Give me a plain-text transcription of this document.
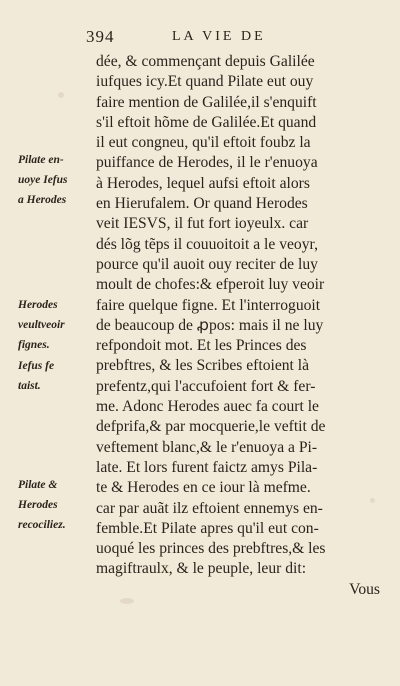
394	LA VIE DE
dée, & commençant depuis Galilée
iufques icy.Et quand Pilate eut ouy
faire mention de Galilée,il s'enquift
s'il eftoit hõme de Galilée.Et quand
il eut congneu, qu'il eftoit foubz la
puiffance de Herodes, il le r'enuoya
à Herodes, lequel aufsi eftoit alors
en Hierufalem. Or quand Herodes
veit IESVS, il fut fort ioyeulx. car
dés lõg tẽps il couuoitoit a le veoyr,
pource qu'il auoit ouy reciter de luy
moult de chofes:& efperoit luy veoir
faire quelque figne. Et l'interroguoit
de beaucoup de ꝓpos: mais il ne luy
refpondoit mot. Et les Princes des
prebftres, & les Scribes eftoient là
prefentz,qui l'accufoient fort & fer-
me. Adonc Herodes auec fa court le
defprifa,& par mocquerie,le veftit de
veftement blanc,& le r'enuoya a Pi-
late. Et lors furent faictz amys Pila-
te & Herodes en ce iour là mefme.
car par auãt ilz eftoient ennemys en-
femble.Et Pilate apres qu'il eut con-
uoqué les princes des prebftres,& les
magiftraulx, & le peuple, leur dit:
Vous
Pilate en-
uoye Iefus
a Herodes
Herodes
veultveoir
fignes.
Iefus fe
taist.
Pilate &
Herodes
recociliez.
